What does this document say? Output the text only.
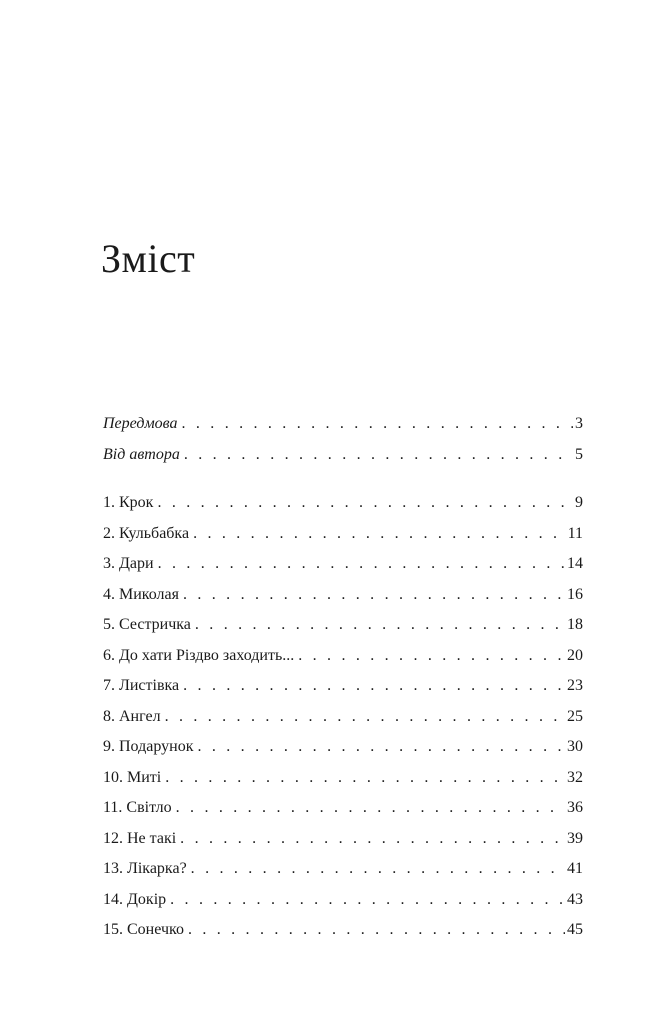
Зміст
Передмова . . .	3
Від автора . . .	5
1. Крок . . .	9
2. Кульбабка . . .	11
3. Дари . . .	14
4. Миколая . . .	16
5. Сестричка . . .	18
6. До хати Різдво заходить... . . .	20
7. Листівка . . .	23
8. Ангел . . .	25
9. Подарунок . . .	30
10. Миті . . .	32
11. Світло . . .	36
12. Не такі . . .	39
13. Лікарка? . . .	41
14. Докір . . .	43
15. Сонечко . . .	45
